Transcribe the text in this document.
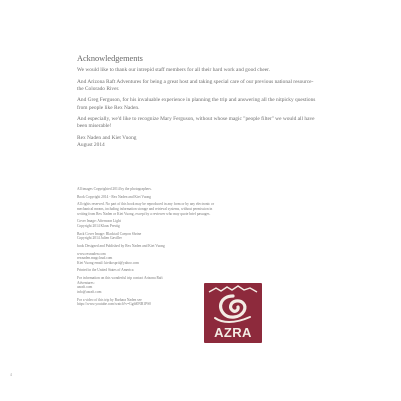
Acknowledgements

We would like to thank our intrepid staff members for all their hard work and good cheer.

And Arizona Raft Adventures for being a great host and taking special care of our previous national resource- the Colorado River.

And Greg Ferguson, for his invaluable experience in planning the trip and answering all the nitpicky questions from people like Rex Naden.

And especially, we'd like to recognize Mary Ferguson, without whose magic "people filter" we would all have been miserable!

Rex Naden and Kiet Vuong
August 2014

All images Copyrighted 2014 by the photographers.
Book Copyright 2014 - Rex Naden and Kiet Vuong
All rights reserved. No part of this book may be reproduced in any form or by any electronic or
mechanical means, including information storage and retrieval systems, without permission in
writing from Rex Naden or Kiet Vuong, except by a reviewer who may quote brief passages.
Cover Image: Afternoon Light
Copyright 2014 Klaus Prestig
Back Cover Image: Blacktail Canyon Shrine
Copyright 2014 Julien Gaviller
book Designed and Published by Rex Naden and Kiet Vuong
www.rexnaden.com
rexnaden.magcloud.com
Kiet Vuong email: kietkosprit@yahoo.com
Printed in the United States of America
For information on this wonderful trip contact Arizona Raft
Adventures:
azraft.com
info@azraft.com
For a video of this trip by Barbara Naden see
https://www.youtube.com/watch?v=Ggfd0NB1PS0
AZRA
4
